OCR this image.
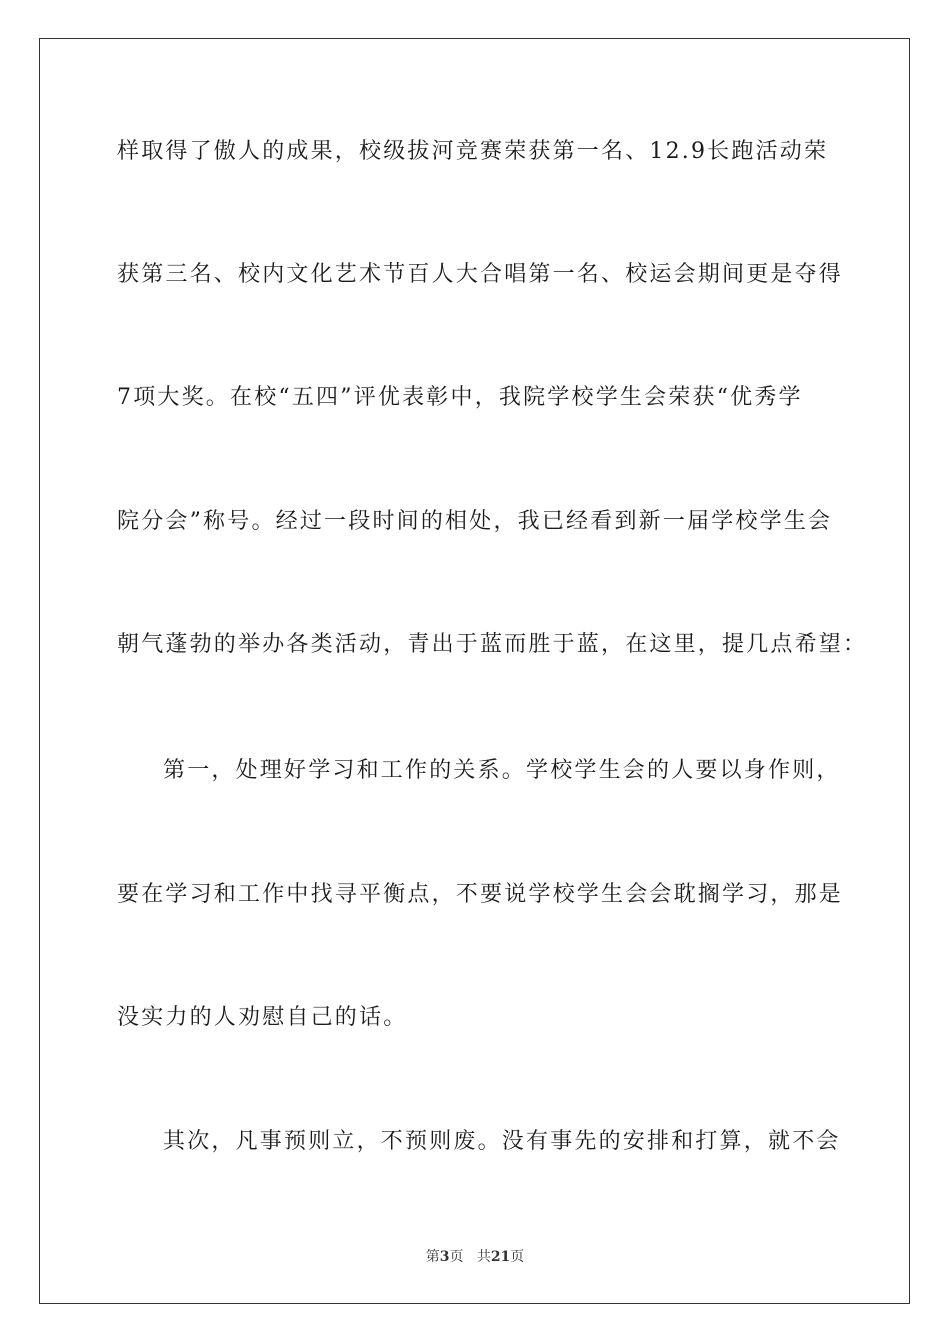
样取得了傲人的成果，校级拔河竞赛荣获第一名、12.9长跑活动荣

获第三名、校内文化艺术节百人大合唱第一名、校运会期间更是夺得

7项大奖。在校“五四”评优表彰中，我院学校学生会荣获“优秀学

院分会”称号。经过一段时间的相处，我已经看到新一届学校学生会

朝气蓬勃的举办各类活动，青出于蓝而胜于蓝，在这里，提几点希望：

第一，处理好学习和工作的关系。学校学生会的人要以身作则，

要在学习和工作中找寻平衡点，不要说学校学生会会耽搁学习，那是

没实力的人劝慰自己的话。

其次，凡事预则立，不预则废。没有事先的安排和打算，就不会

第3页 共21页
